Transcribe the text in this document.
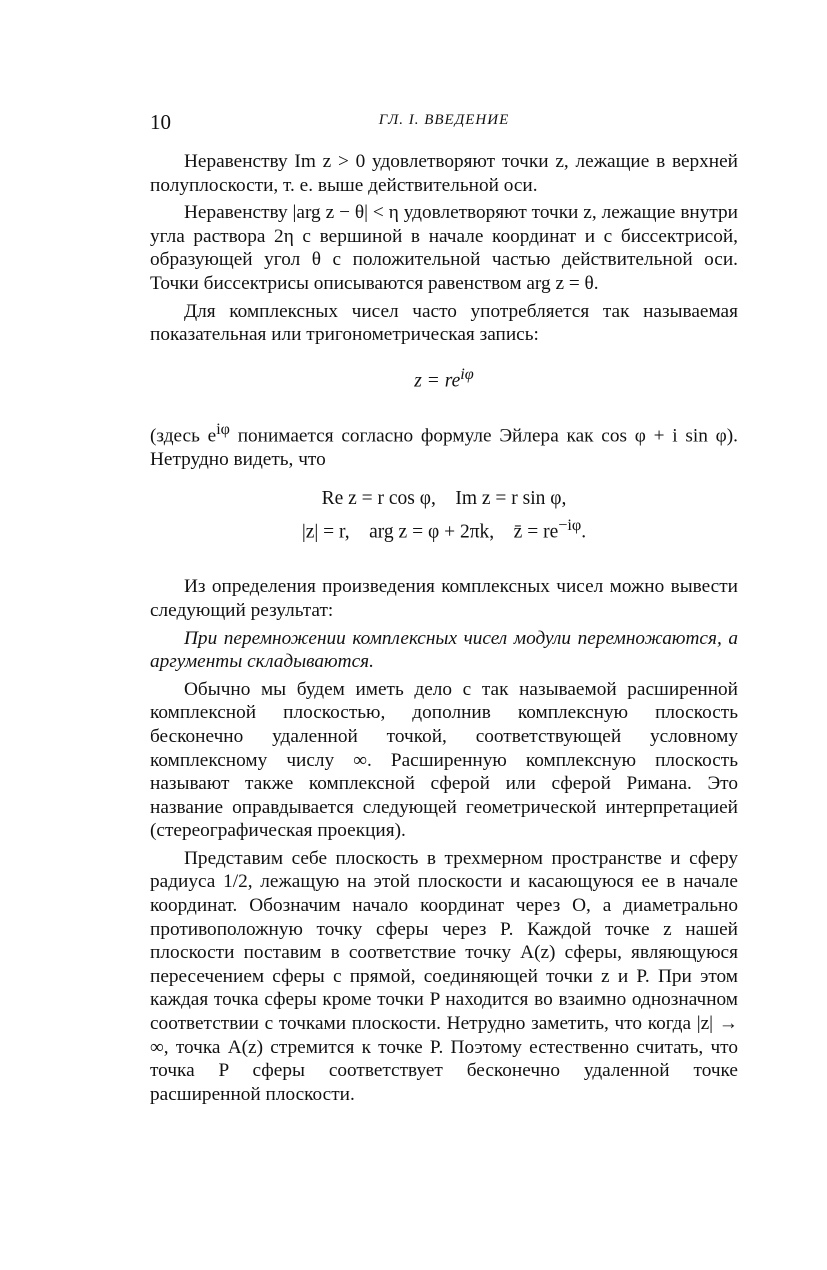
10	ГЛ. I. ВВЕДЕНИЕ

Неравенству Im z > 0 удовлетворяют точки z, лежащие в верхней полуплоскости, т. е. выше действительной оси.

Неравенству |arg z − θ| < η удовлетворяют точки z, лежащие внутри угла раствора 2η с вершиной в начале координат и с биссектрисой, образующей угол θ с положительной частью действительной оси. Точки биссектрисы описываются равенством arg z = θ.

Для комплексных чисел часто употребляется так называемая показательная или тригонометрическая запись:

$z = re^{i\varphi}$

(здесь $e^{i\varphi}$ понимается согласно формуле Эйлера как cos φ + i sin φ). Нетрудно видеть, что

Re z = r cos φ,    Im z = r sin φ,
|z| = r,    arg z = φ + 2πk,    z̄ = $re^{-i\varphi}$.

Из определения произведения комплексных чисел можно вывести следующий результат:

При перемножении комплексных чисел модули перемножаются, а аргументы складываются.

Обычно мы будем иметь дело с так называемой расширенной комплексной плоскостью, дополнив комплексную плоскость бесконечно удаленной точкой, соответствующей условному комплексному числу ∞. Расширенную комплексную плоскость называют также комплексной сферой или сферой Римана. Это название оправдывается следующей геометрической интерпретацией (стереографическая проекция).

Представим себе плоскость в трехмерном пространстве и сферу радиуса 1/2, лежащую на этой плоскости и касающуюся ее в начале координат. Обозначим начало координат через O, а диаметрально противоположную точку сферы через P. Каждой точке z нашей плоскости поставим в соответствие точку A(z) сферы, являющуюся пересечением сферы с прямой, соединяющей точки z и P. При этом каждая точка сферы кроме точки P находится во взаимно однозначном соответствии с точками плоскости. Нетрудно заметить, что когда |z| → ∞, точка A(z) стремится к точке P. Поэтому естественно считать, что точка P сферы соответствует бесконечно удаленной точке расширенной плоскости.
